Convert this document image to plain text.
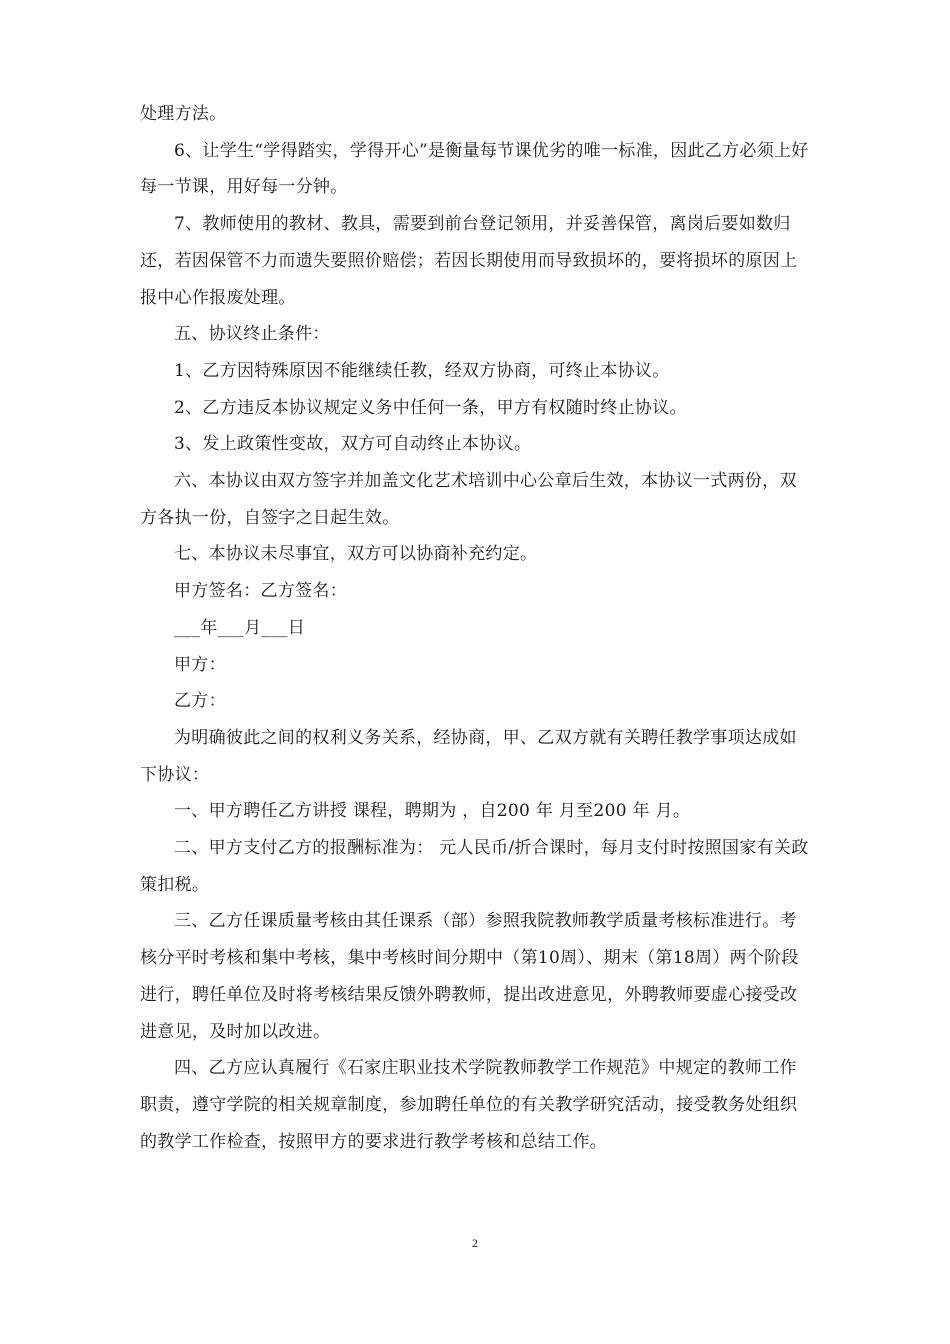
处理方法。

6、让学生“学得踏实，学得开心”是衡量每节课优劣的唯一标准，因此乙方必须上好每一节课，用好每一分钟。

7、教师使用的教材、教具，需要到前台登记领用，并妥善保管，离岗后要如数归还，若因保管不力而遗失要照价赔偿；若因长期使用而导致损坏的，要将损坏的原因上报中心作报废处理。

五、协议终止条件：

1、乙方因特殊原因不能继续任教，经双方协商，可终止本协议。

2、乙方违反本协议规定义务中任何一条，甲方有权随时终止协议。

3、发上政策性变故，双方可自动终止本协议。

六、本协议由双方签字并加盖文化艺术培训中心公章后生效，本协议一式两份，双方各执一份，自签字之日起生效。

七、本协议未尽事宜，双方可以协商补充约定。

甲方签名：乙方签名：

___年___月___日

甲方：

乙方：

为明确彼此之间的权利义务关系，经协商，甲、乙双方就有关聘任教学事项达成如下协议：

一、甲方聘任乙方讲授 课程，聘期为 ，自200 年 月至200 年 月。

二、甲方支付乙方的报酬标准为： 元人民币/折合课时，每月支付时按照国家有关政策扣税。

三、乙方任课质量考核由其任课系（部）参照我院教师教学质量考核标准进行。考核分平时考核和集中考核，集中考核时间分期中（第10周）、期末（第18周）两个阶段进行，聘任单位及时将考核结果反馈外聘教师，提出改进意见，外聘教师要虚心接受改进意见，及时加以改进。

四、乙方应认真履行《石家庄职业技术学院教师教学工作规范》中规定的教师工作职责，遵守学院的相关规章制度，参加聘任单位的有关教学研究活动，接受教务处组织的教学工作检查，按照甲方的要求进行教学考核和总结工作。

2
